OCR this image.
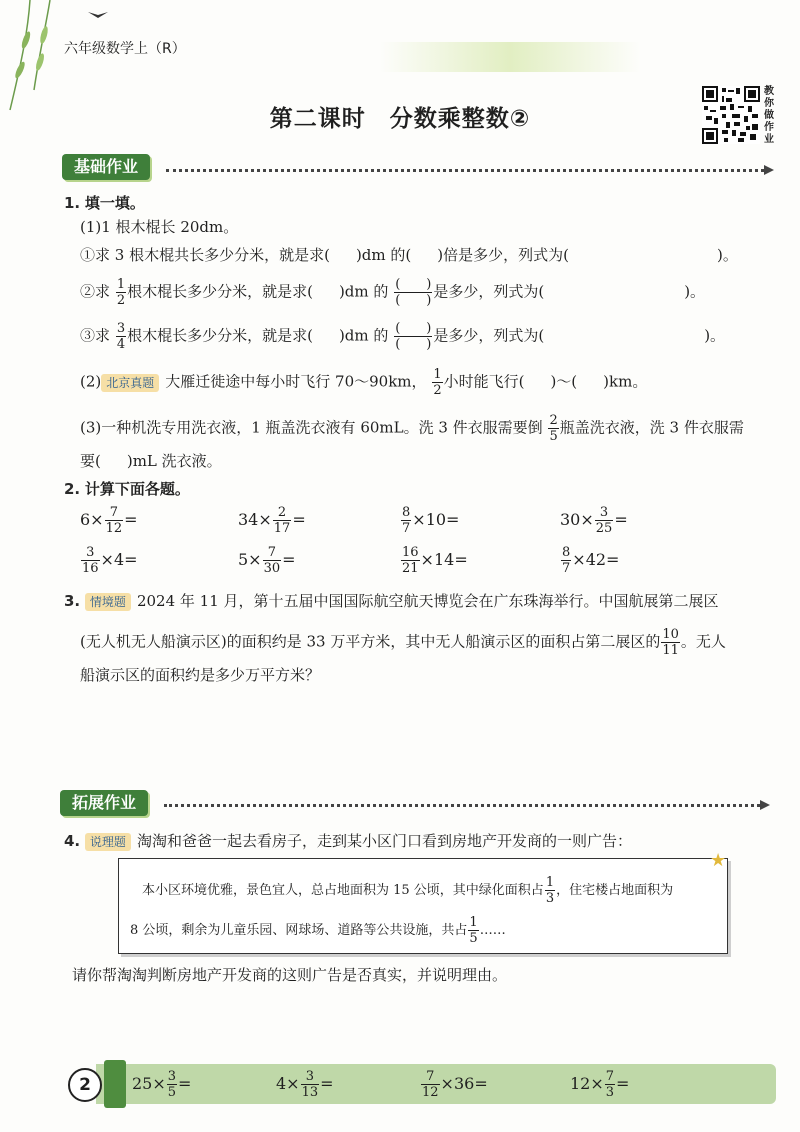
六年级数学上（R）
第二课时　分数乘整数②
教你做作业
基础作业
1. 填一填。
(1)1 根木棍长 20dm。
①求 3 根木棍共长多少分米，就是求( )dm 的( )倍是多少，列式为(	)。
②求 $\frac{1}{2}$ 根木棍长多少分米，就是求( )dm 的 $\frac{( )}{( )}$ 是多少，列式为(	)。
③求 $\frac{3}{4}$ 根木棍长多少分米，就是求( )dm 的 $\frac{( )}{( )}$ 是多少，列式为(	)。
(2) 北京真题 大雁迁徙途中每小时飞行 70～90km， $\frac{1}{2}$ 小时能飞行( )～( )km。
(3)一种机洗专用洗衣液，1 瓶盖洗衣液有 60mL。洗 3 件衣服需要倒 $\frac{2}{5}$ 瓶盖洗衣液，洗 3 件衣服需
要( )mL 洗衣液。
2. 计算下面各题。
$6\times \frac{7}{12}$ =	$34\times \frac{2}{17}$ =	$\frac{8}{7} \times 10=$	$30\times \frac{3}{25}$ =
$\frac{3}{16} \times 4=$	$5\times \frac{7}{30}$ =	$\frac{16}{21} \times 14=$	$\frac{8}{7} \times 42=$
3. 情境题 2024 年 11 月，第十五届中国国际航空航天博览会在广东珠海举行。中国航展第二展区
(无人机无人船演示区)的面积约是 33 万平方米，其中无人船演示区的面积占第二展区的 $\frac{10}{11}$ 。无人
船演示区的面积约是多少万平方米？
拓展作业
4. 说理题 淘淘和爸爸一起去看房子，走到某小区门口看到房地产开发商的一则广告：
★
本小区环境优雅，景色宜人，总占地面积为 15 公顷，其中绿化面积占 $\frac{1}{3}$ ，住宅楼占地面积为
8 公顷，剩余为儿童乐园、网球场、道路等公共设施，共占 $\frac{1}{5}$ ……
请你帮淘淘判断房地产开发商的这则广告是否真实，并说明理由。
2	$25\times \frac{3}{5}$ =	$4\times \frac{3}{13}$ =	$\frac{7}{12} \times 36=$	$12\times \frac{7}{3}$ =
